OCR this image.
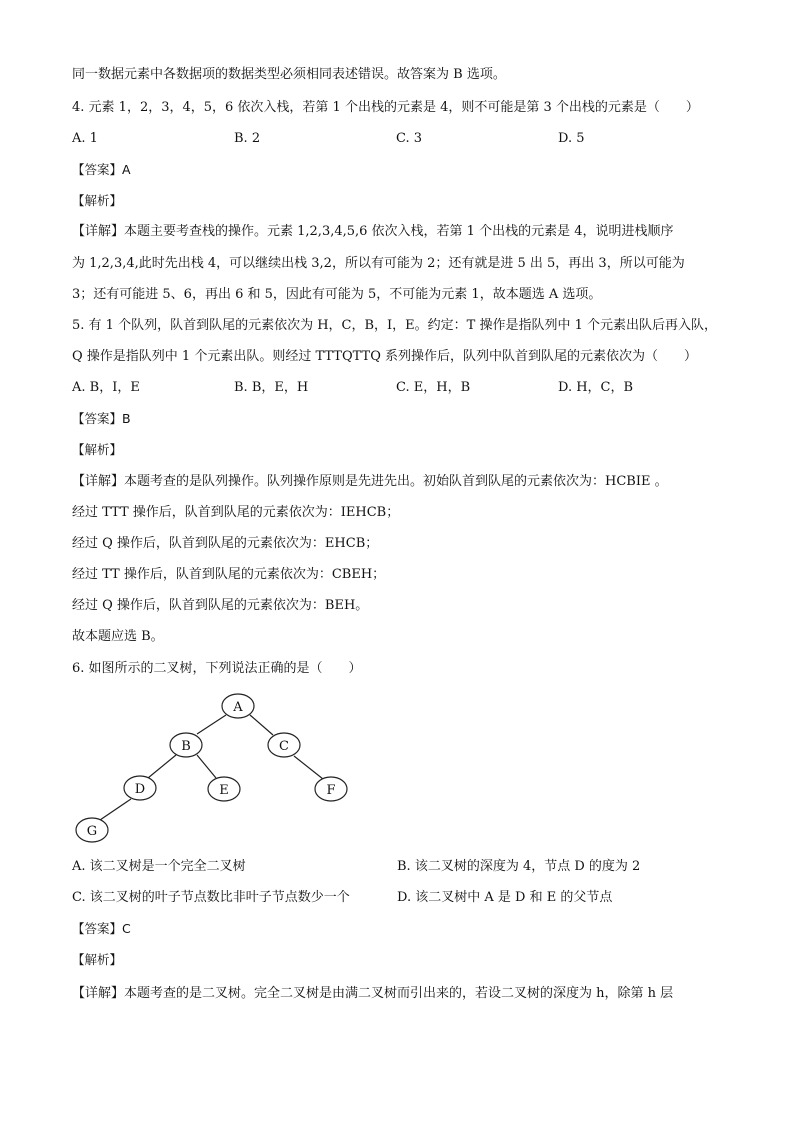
同一数据元素中各数据项的数据类型必须相同表述错误。故答案为 B 选项。
4. 元素 1，2，3，4，5，6 依次入栈，若第 1 个出栈的元素是 4，则不可能是第 3 个出栈的元素是（　　）
A. 1	B. 2	C. 3	D. 5
【答案】A
【解析】
【详解】本题主要考查栈的操作。元素 1,2,3,4,5,6 依次入栈，若第 1 个出栈的元素是 4，说明进栈顺序
为 1,2,3,4,此时先出栈 4，可以继续出栈 3,2，所以有可能为 2；还有就是进 5 出 5，再出 3，所以可能为
3；还有可能进 5、6，再出 6 和 5，因此有可能为 5，不可能为元素 1，故本题选 A 选项。
5. 有 1 个队列，队首到队尾的元素依次为 H，C，B，I，E。约定：T 操作是指队列中 1 个元素出队后再入队，
Q 操作是指队列中 1 个元素出队。则经过 TTTQTTQ 系列操作后，队列中队首到队尾的元素依次为（　　）
A. B，I，E	B. B，E，H	C. E，H，B	D. H，C，B
【答案】B
【解析】
【详解】本题考查的是队列操作。队列操作原则是先进先出。初始队首到队尾的元素依次为：HCBIE 。
经过 TTT 操作后，队首到队尾的元素依次为：IEHCB；
经过 Q 操作后，队首到队尾的元素依次为：EHCB；
经过 TT 操作后，队首到队尾的元素依次为：CBEH；
经过 Q 操作后，队首到队尾的元素依次为：BEH。
故本题应选 B。
6. 如图所示的二叉树，下列说法正确的是（　　）
A
B	C
D	E	F
G
A. 该二叉树是一个完全二叉树	B. 该二叉树的深度为 4，节点 D 的度为 2
C. 该二叉树的叶子节点数比非叶子节点数少一个	D. 该二叉树中 A 是 D 和 E 的父节点
【答案】C
【解析】
【详解】本题考查的是二叉树。完全二叉树是由满二叉树而引出来的，若设二叉树的深度为 h，除第 h 层
